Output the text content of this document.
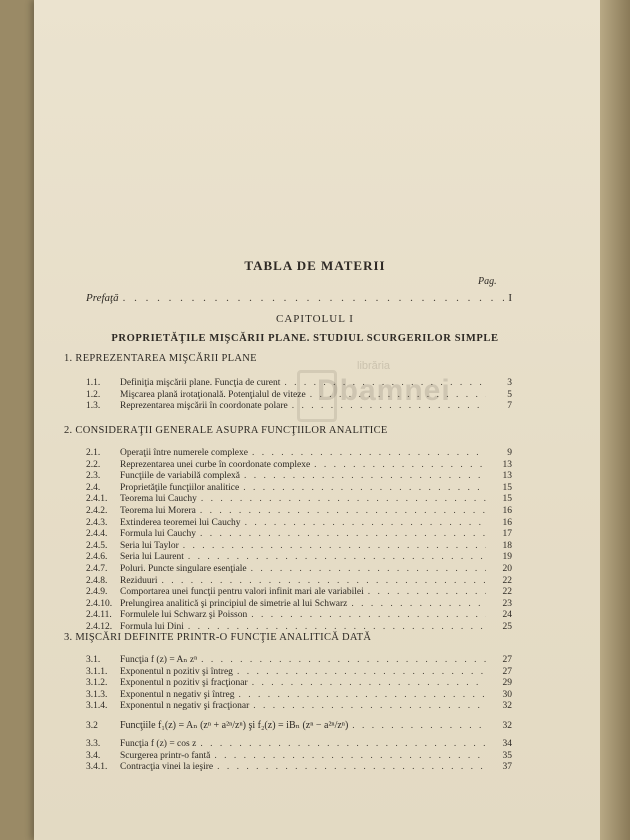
librăria
Dbamnei
TABLA DE MATERII
Pag.
Prefaţă . . .	I
CAPITOLUL I
PROPRIETĂŢILE MIŞCĂRII PLANE. STUDIUL SCURGERILOR SIMPLE
1. REPREZENTAREA MIŞCĂRII PLANE
1.1.	Definiţia mişcării plane. Funcţia de curent . . .	3
1.2.	Mişcarea plană irotaţională. Potenţialul de viteze . . .	5
1.3.	Reprezentarea mişcării în coordonate polare . . .	7
2. CONSIDERAŢII GENERALE ASUPRA FUNCŢIILOR ANALITICE
2.1.	Operaţii între numerele complexe . . .	9
2.2.	Reprezentarea unei curbe în coordonate complexe . . .	13
2.3.	Funcţiile de variabilă complexă . . .	13
2.4.	Proprietăţile funcţiilor analitice . . .	15
2.4.1.	Teorema lui Cauchy . . .	15
2.4.2.	Teorema lui Morera . . .	16
2.4.3.	Extinderea teoremei lui Cauchy . . .	16
2.4.4.	Formula lui Cauchy . . .	17
2.4.5.	Seria lui Taylor . . .	18
2.4.6.	Seria lui Laurent . . .	19
2.4.7.	Poluri. Puncte singulare esenţiale . . .	20
2.4.8.	Reziduuri . . .	22
2.4.9.	Comportarea unei funcţii pentru valori infinit mari ale variabilei . . .	22
2.4.10. Prelungirea analitică şi principiul de simetrie al lui Schwarz . . .	23
2.4.11. Formulele lui Schwarz şi Poisson . . .	24
2.4.12. Formula lui Dini . . .	25
3. MIŞCĂRI DEFINITE PRINTR-O FUNCŢIE ANALITICĂ DATĂ
3.1.	Funcţia f (z) = Aₙ zⁿ . . .	27
3.1.1.	Exponentul n pozitiv şi întreg . . .	27
3.1.2.	Exponentul n pozitiv şi fracţionar . . .	29
3.1.3.	Exponentul n negativ şi întreg . . .	30
3.1.4.	Exponentul n negativ şi fracţionar . . .	32
3.2	Funcţiile f₁(z) = Aₙ (zⁿ + a²ⁿ/zⁿ) şi f₂(z) = iBₙ (zⁿ − a²ⁿ/zⁿ) . . .	32
3.3.	Funcţia f (z) = cos z . . .	34
3.4.	Scurgerea printr-o fantă . . .	35
3.4.1.	Contracţia vinei la ieşire . . .	37
